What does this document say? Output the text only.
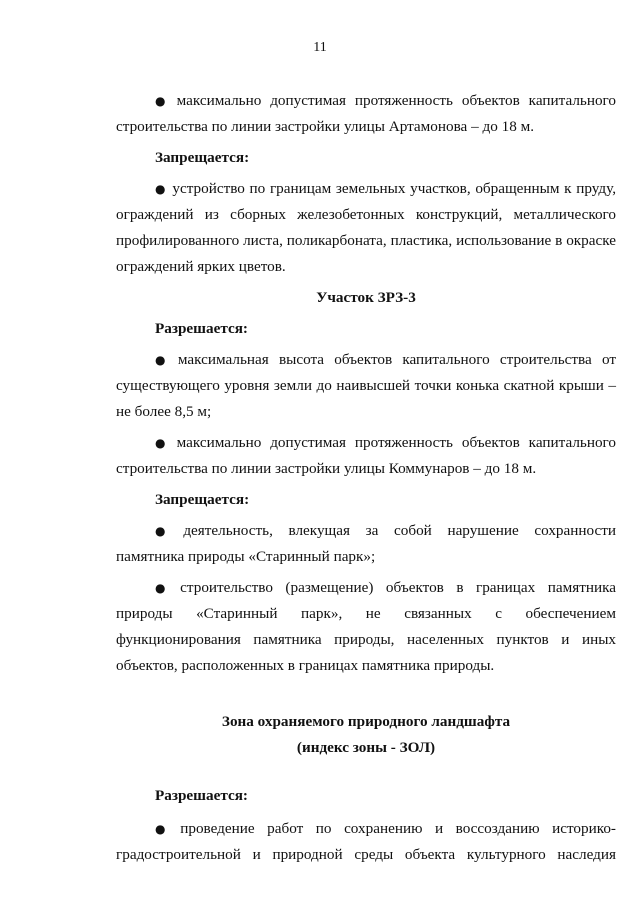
11

● максимально допустимая протяженность объектов капитального строительства по линии застройки улицы Артамонова – до 18 м.

Запрещается:

● устройство по границам земельных участков, обращенным к пруду, ограждений из сборных железобетонных конструкций, металлического профилированного листа, поликарбоната, пластика, использование в окраске ограждений ярких цветов.

Участок ЗРЗ-3

Разрешается:

● максимальная высота объектов капитального строительства от существующего уровня земли до наивысшей точки конька скатной крыши – не более 8,5 м;

● максимально допустимая протяженность объектов капитального строительства по линии застройки улицы Коммунаров – до 18 м.

Запрещается:

● деятельность, влекущая за собой нарушение сохранности памятника природы «Старинный парк»;

● строительство (размещение) объектов в границах памятника природы «Старинный парк», не связанных с обеспечением функционирования памятника природы, населенных пунктов и иных объектов, расположенных в границах памятника природы.

Зона охраняемого природного ландшафта

(индекс зоны - ЗОЛ)

Разрешается:

● проведение работ по сохранению и воссозданию историко-градостроительной и природной среды объекта культурного наследия
